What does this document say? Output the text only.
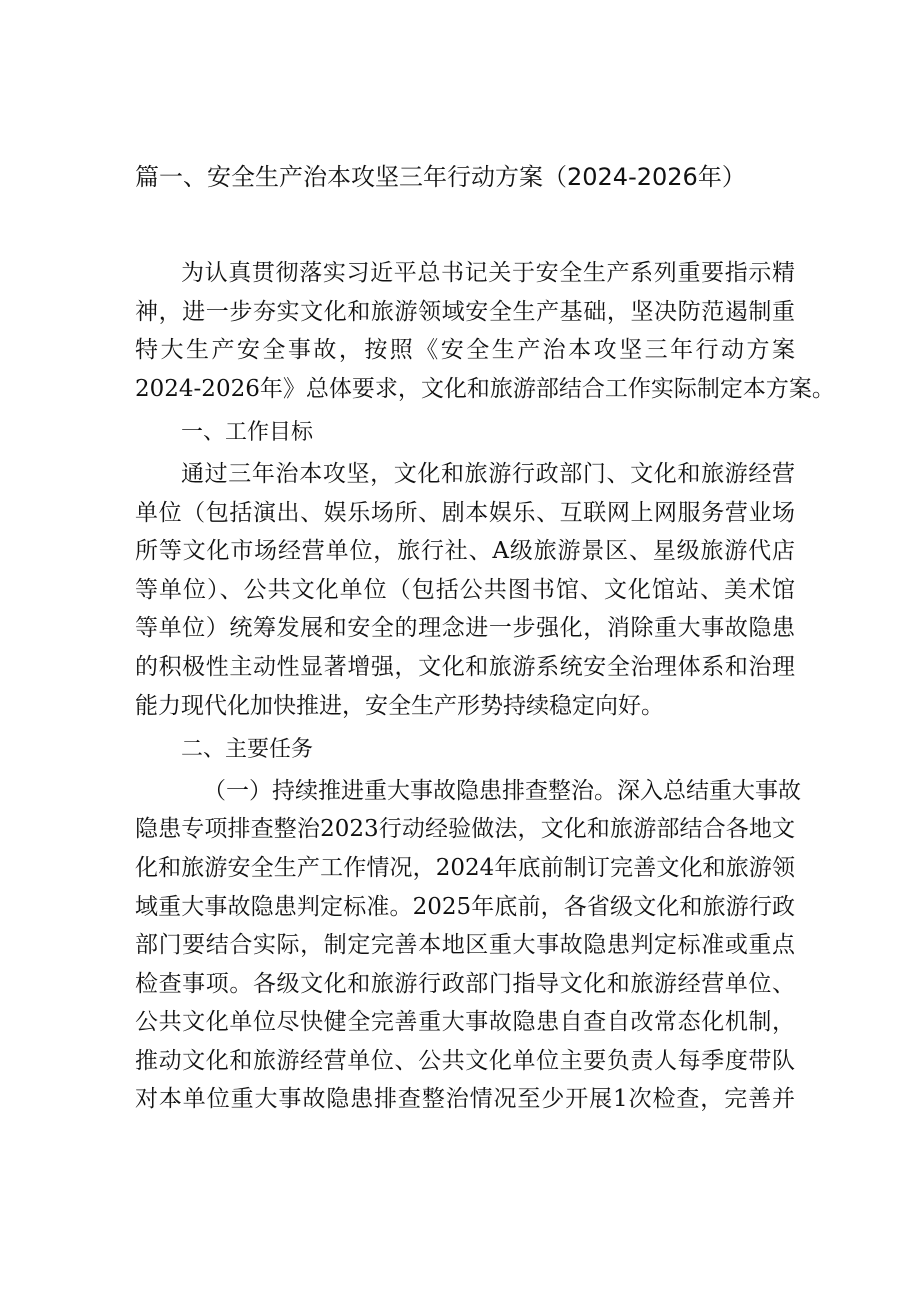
篇一、安全生产治本攻坚三年行动方案（2024-2026年）
为认真贯彻落实习近平总书记关于安全生产系列重要指示精
神，进一步夯实文化和旅游领域安全生产基础，坚决防范遏制重
特大生产安全事故，按照《安全生产治本攻坚三年行动方案
2024-2026年》总体要求，文化和旅游部结合工作实际制定本方案。
一、工作目标
通过三年治本攻坚，文化和旅游行政部门、文化和旅游经营
单位（包括演出、娱乐场所、剧本娱乐、互联网上网服务营业场
所等文化市场经营单位，旅行社、A级旅游景区、星级旅游代店
等单位）、公共文化单位（包括公共图书馆、文化馆站、美术馆
等单位）统筹发展和安全的理念进一步强化，消除重大事故隐患
的积极性主动性显著增强，文化和旅游系统安全治理体系和治理
能力现代化加快推进，安全生产形势持续稳定向好。
二、主要任务
（一）持续推进重大事故隐患排查整治。深入总结重大事故
隐患专项排查整治2023行动经验做法，文化和旅游部结合各地文
化和旅游安全生产工作情况，2024年底前制订完善文化和旅游领
域重大事故隐患判定标准。2025年底前，各省级文化和旅游行政
部门要结合实际，制定完善本地区重大事故隐患判定标准或重点
检查事项。各级文化和旅游行政部门指导文化和旅游经营单位、
公共文化单位尽快健全完善重大事故隐患自查自改常态化机制，
推动文化和旅游经营单位、公共文化单位主要负责人每季度带队
对本单位重大事故隐患排查整治情况至少开展1次检查，完善并
